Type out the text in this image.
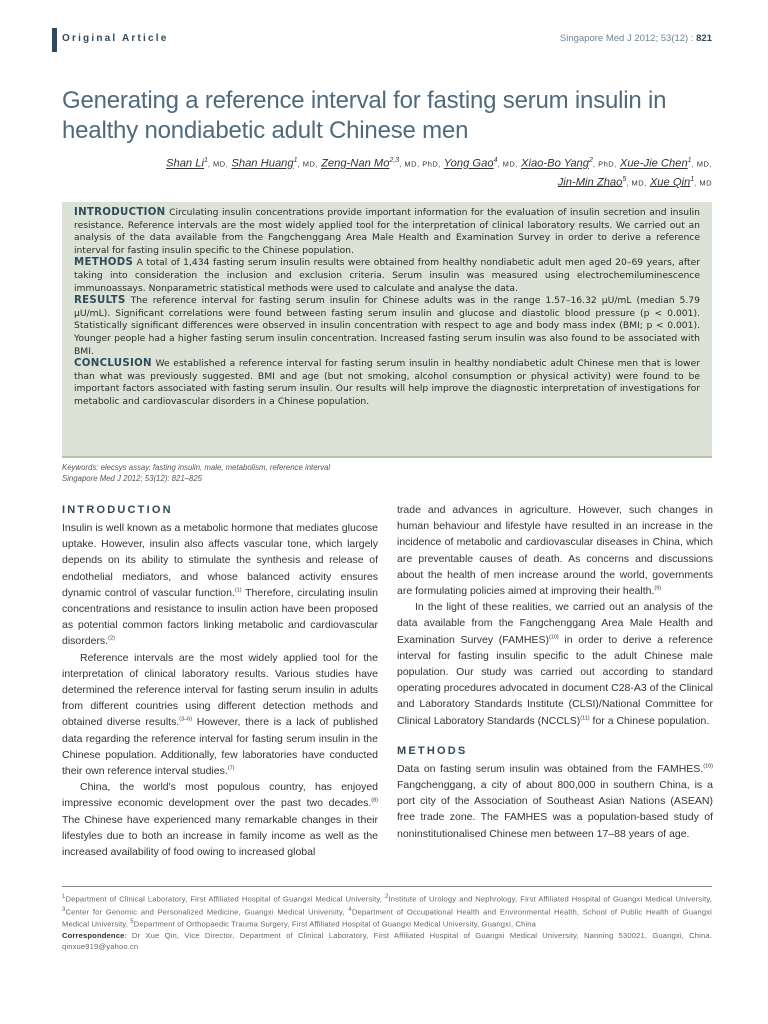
Original Article	Singapore Med J 2012; 53(12) : 821
Generating a reference interval for fasting serum insulin in healthy nondiabetic adult Chinese men
Shan Li$^1$, MD, Shan Huang$^1$, MD, Zeng-Nan Mo$^{2,3}$, MD, PhD, Yong Gao$^4$, MD, Xiao-Bo Yang$^2$, PhD, Xue-Jie Chen$^1$, MD,
Jin-Min Zhao$^5$, MD, Xue Qin$^1$, MD

INTRODUCTION Circulating insulin concentrations provide important information for the evaluation of insulin secretion and insulin resistance. Reference intervals are the most widely applied tool for the interpretation of clinical laboratory results. We carried out an analysis of the data available from the Fangchenggang Area Male Health and Examination Survey in order to derive a reference interval for fasting insulin specific to the Chinese population.

METHODS A total of 1,434 fasting serum insulin results were obtained from healthy nondiabetic adult men aged 20–69 years, after taking into consideration the inclusion and exclusion criteria. Serum insulin was measured using electrochemiluminescence immunoassays. Nonparametric statistical methods were used to calculate and analyse the data.

RESULTS The reference interval for fasting serum insulin for Chinese adults was in the range 1.57–16.32 μU/mL (median 5.79 μU/mL). Significant correlations were found between fasting serum insulin and glucose and diastolic blood pressure (p < 0.001). Statistically significant differences were observed in insulin concentration with respect to age and body mass index (BMI; p < 0.001). Younger people had a higher fasting serum insulin concentration. Increased fasting serum insulin was also found to be associated with BMI.

CONCLUSION We established a reference interval for fasting serum insulin in healthy nondiabetic adult Chinese men that is lower than what was previously suggested. BMI and age (but not smoking, alcohol consumption or physical activity) were found to be important factors associated with fasting serum insulin. Our results will help improve the diagnostic interpretation of investigations for metabolic and cardiovascular disorders in a Chinese population.

Keywords: elecsys assay, fasting insulin, male, metabolism, reference interval
Singapore Med J 2012; 53(12): 821–825
INTRODUCTION

Insulin is well known as a metabolic hormone that mediates glucose uptake. However, insulin also affects vascular tone, which largely depends on its ability to stimulate the synthesis and release of endothelial mediators, and whose balanced activity ensures dynamic control of vascular function.$^{(1)}$ Therefore, circulating insulin concentrations and resistance to insulin action have been proposed as potential common factors linking metabolic and cardiovascular disorders.$^{(2)}$

Reference intervals are the most widely applied tool for the interpretation of clinical laboratory results. Various studies have determined the reference interval for fasting serum insulin in adults from different countries using different detection methods and obtained diverse results.$^{(3-6)}$ However, there is a lack of published data regarding the reference interval for fasting serum insulin in the Chinese population. Additionally, few laboratories have conducted their own reference interval studies.$^{(7)}$

China, the world's most populous country, has enjoyed impressive economic development over the past two decades.$^{(8)}$ The Chinese have experienced many remarkable changes in their lifestyles due to both an increase in family income as well as the increased availability of food owing to increased global

trade and advances in agriculture. However, such changes in human behaviour and lifestyle have resulted in an increase in the incidence of metabolic and cardiovascular diseases in China, which are preventable causes of death. As concerns and discussions about the health of men increase around the world, governments are formulating policies aimed at improving their health.$^{(9)}$

In the light of these realities, we carried out an analysis of the data available from the Fangchenggang Area Male Health and Examination Survey (FAMHES)$^{(10)}$ in order to derive a reference interval for fasting insulin specific to the adult Chinese male population. Our study was carried out according to standard operating procedures advocated in document C28-A3 of the Clinical and Laboratory Standards Institute (CLSI)/National Committee for Clinical Laboratory Standards (NCCLS)$^{(11)}$ for a Chinese population.

METHODS

Data on fasting serum insulin was obtained from the FAMHES.$^{(10)}$ Fangchenggang, a city of about 800,000 in southern China, is a port city of the Association of Southeast Asian Nations (ASEAN) free trade zone. The FAMHES was a population-based study of noninstitutionalised Chinese men between 17–88 years of age.

$^1$Department of Clinical Laboratory, First Affiliated Hospital of Guangxi Medical University, $^2$Institute of Urology and Nephrology, First Affiliated Hospital of Guangxi Medical University, $^3$Center for Genomic and Personalized Medicine, Guangxi Medical University, $^4$Department of Occupational Health and Environmental Health, School of Public Health of Guangxi Medical University, $^5$Department of Orthopaedic Trauma Surgery, First Affiliated Hospital of Guangxi Medical University, Guangxi, China

Correspondence: Dr Xue Qin, Vice Director, Department of Clinical Laboratory, First Affiliated Hospital of Guangxi Medical University, Nanning 530021, Guangxi, China. qinxue919@yahoo.cn
